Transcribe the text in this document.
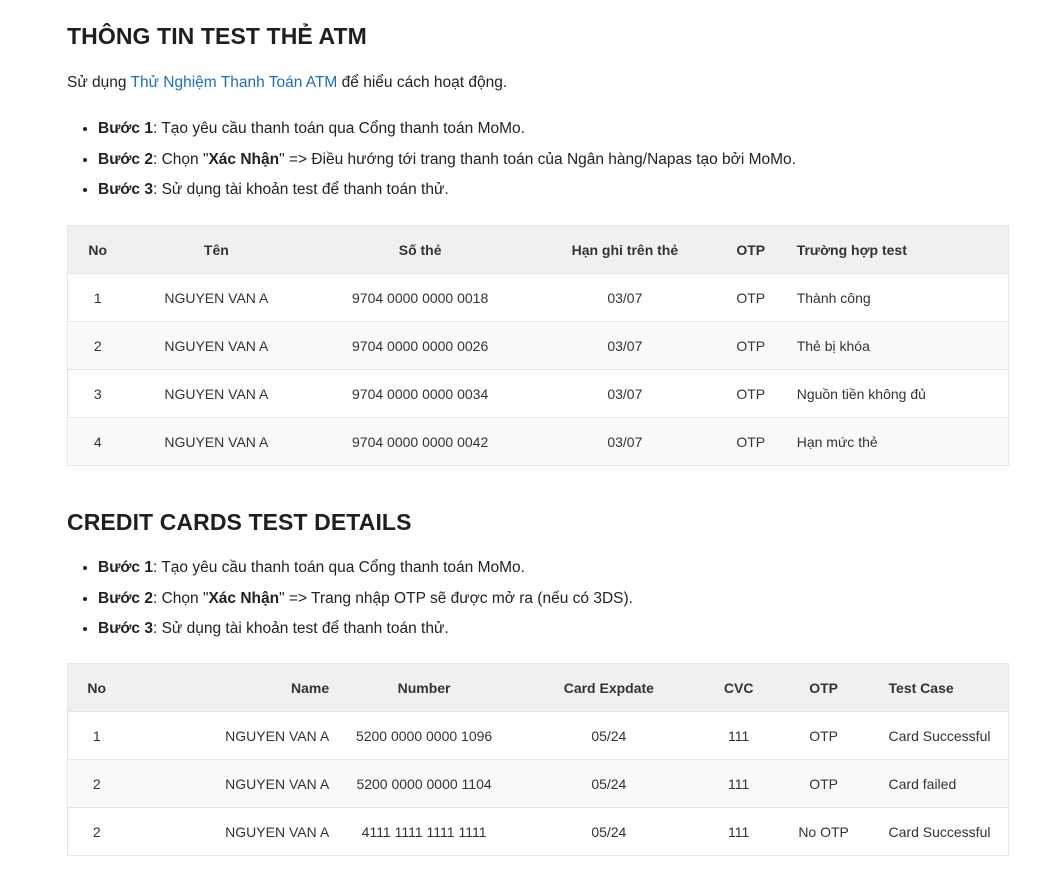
THÔNG TIN TEST THẺ ATM

Sử dụng Thử Nghiệm Thanh Toán ATM để hiểu cách hoạt động.

• Bước 1: Tạo yêu cầu thanh toán qua Cổng thanh toán MoMo.
• Bước 2: Chọn "Xác Nhận" => Điều hướng tới trang thanh toán của Ngân hàng/Napas tạo bởi MoMo.
• Bước 3: Sử dụng tài khoản test để thanh toán thử.
No	Tên	Số thẻ	Hạn ghi trên thẻ	OTP	Trường hợp test
1	NGUYEN VAN A	9704 0000 0000 0018	03/07	OTP	Thành công
2	NGUYEN VAN A	9704 0000 0000 0026	03/07	OTP	Thẻ bị khóa
3	NGUYEN VAN A	9704 0000 0000 0034	03/07	OTP	Nguồn tiền không đủ
4	NGUYEN VAN A	9704 0000 0000 0042	03/07	OTP	Hạn mức thẻ
CREDIT CARDS TEST DETAILS
• Bước 1: Tạo yêu cầu thanh toán qua Cổng thanh toán MoMo.
• Bước 2: Chọn "Xác Nhận" => Trang nhập OTP sẽ được mở ra (nếu có 3DS).
• Bước 3: Sử dụng tài khoản test để thanh toán thử.
No	Name	Number	Card Expdate	CVC	OTP	Test Case
1	NGUYEN VAN A	5200 0000 0000 1096	05/24	111	OTP	Card Successful
2	NGUYEN VAN A	5200 0000 0000 1104	05/24	111	OTP	Card failed
2	NGUYEN VAN A	4111 1111 1111 1111	05/24	111	No OTP	Card Successful
